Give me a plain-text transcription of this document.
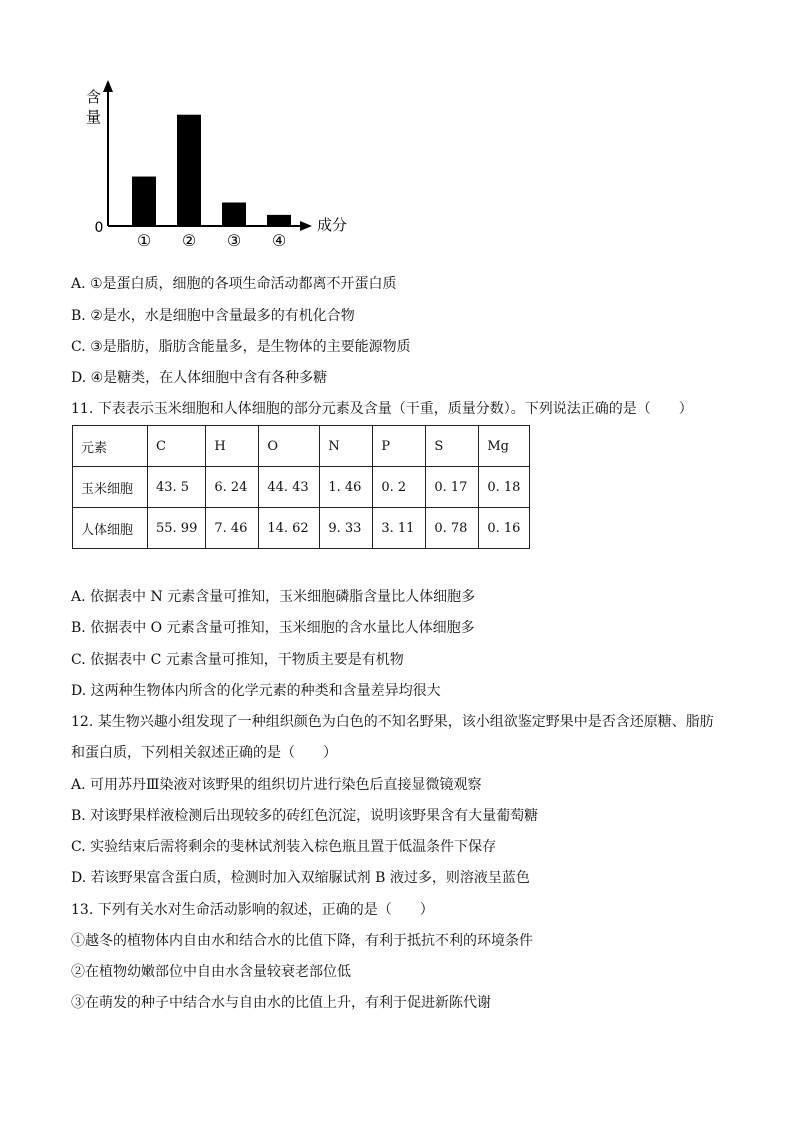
含
量
0	成分
① ② ③ ④
A. ①是蛋白质，细胞的各项生命活动都离不开蛋白质
B. ②是水，水是细胞中含量最多的有机化合物
C. ③是脂肪，脂肪含能量多，是生物体的主要能源物质
D. ④是糖类，在人体细胞中含有各种多糖
11. 下表表示玉米细胞和人体细胞的部分元素及含量（干重，质量分数）。下列说法正确的是（　　）
元素	C	H	O	N	P	S	Mg
玉米细胞	43. 5	6. 24	44. 43	1. 46	0. 2	0. 17	0. 18
人体细胞	55. 99	7. 46	14. 62	9. 33	3. 11	0. 78	0. 16
A. 依据表中 N 元素含量可推知，玉米细胞磷脂含量比人体细胞多
B. 依据表中 O 元素含量可推知，玉米细胞的含水量比人体细胞多
C. 依据表中 C 元素含量可推知，干物质主要是有机物
D. 这两种生物体内所含的化学元素的种类和含量差异均很大
12. 某生物兴趣小组发现了一种组织颜色为白色的不知名野果，该小组欲鉴定野果中是否含还原糖、脂肪
和蛋白质，下列相关叙述正确的是（　　）
A. 可用苏丹Ⅲ染液对该野果的组织切片进行染色后直接显微镜观察
B. 对该野果样液检测后出现较多的砖红色沉淀，说明该野果含有大量葡萄糖
C. 实验结束后需将剩余的斐林试剂装入棕色瓶且置于低温条件下保存
D. 若该野果富含蛋白质，检测时加入双缩脲试剂 B 液过多，则溶液呈蓝色
13. 下列有关水对生命活动影响的叙述，正确的是（　　）
①越冬的植物体内自由水和结合水的比值下降，有利于抵抗不利的环境条件
②在植物幼嫩部位中自由水含量较衰老部位低
③在萌发的种子中结合水与自由水的比值上升，有利于促进新陈代谢
